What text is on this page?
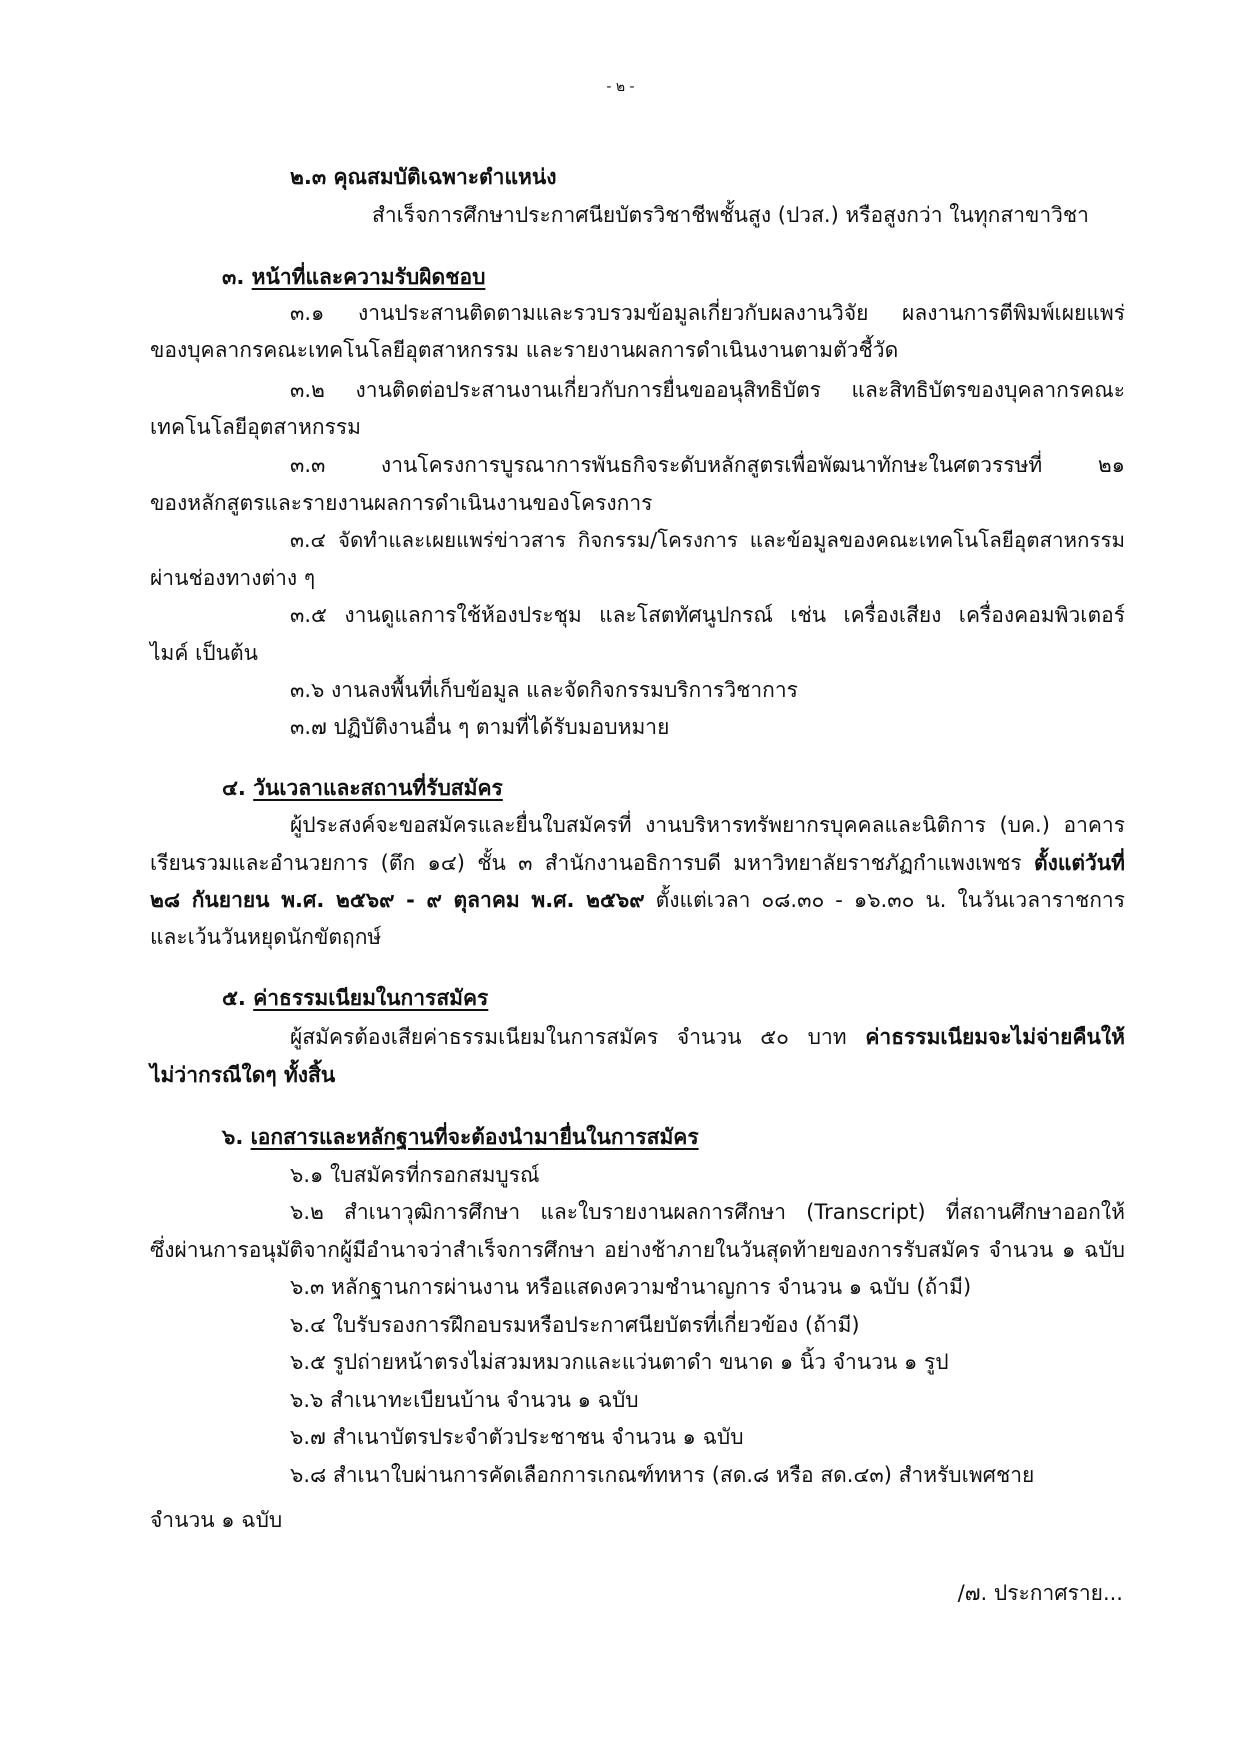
- ๒ -
๒.๓ คุณสมบัติเฉพาะตำแหน่ง
สำเร็จการศึกษาประกาศนียบัตรวิชาชีพชั้นสูง (ปวส.) หรือสูงกว่า ในทุกสาขาวิชา
๓. หน้าที่และความรับผิดชอบ
๓.๑ งานประสานติดตามและรวบรวมข้อมูลเกี่ยวกับผลงานวิจัย ผลงานการตีพิมพ์เผยแพร่
ของบุคลากรคณะเทคโนโลยีอุตสาหกรรม และรายงานผลการดำเนินงานตามตัวชี้วัด
๓.๒ งานติดต่อประสานงานเกี่ยวกับการยื่นขออนุสิทธิบัตร และสิทธิบัตรของบุคลากรคณะ
เทคโนโลยีอุตสาหกรรม
๓.๓ งานโครงการบูรณาการพันธกิจระดับหลักสูตรเพื่อพัฒนาทักษะในศตวรรษที่ ๒๑
ของหลักสูตรและรายงานผลการดำเนินงานของโครงการ
๓.๔ จัดทำและเผยแพร่ข่าวสาร กิจกรรม/โครงการ และข้อมูลของคณะเทคโนโลยีอุตสาหกรรม
ผ่านช่องทางต่าง ๆ
๓.๕ งานดูแลการใช้ห้องประชุม และโสตทัศนูปกรณ์ เช่น เครื่องเสียง เครื่องคอมพิวเตอร์
ไมค์ เป็นต้น
๓.๖ งานลงพื้นที่เก็บข้อมูล และจัดกิจกรรมบริการวิชาการ
๓.๗ ปฏิบัติงานอื่น ๆ ตามที่ได้รับมอบหมาย
๔. วันเวลาและสถานที่รับสมัคร
ผู้ประสงค์จะขอสมัครและยื่นใบสมัครที่ งานบริหารทรัพยากรบุคคลและนิติการ (บค.) อาคาร
เรียนรวมและอำนวยการ (ตึก ๑๔) ชั้น ๓ สำนักงานอธิการบดี มหาวิทยาลัยราชภัฏกำแพงเพชร ตั้งแต่วันที่
๒๘ กันยายน พ.ศ. ๒๕๖๙ - ๙ ตุลาคม พ.ศ. ๒๕๖๙ ตั้งแต่เวลา ๐๘.๓๐ - ๑๖.๓๐ น. ในวันเวลาราชการ
และเว้นวันหยุดนักขัตฤกษ์
๕. ค่าธรรมเนียมในการสมัคร
ผู้สมัครต้องเสียค่าธรรมเนียมในการสมัคร จำนวน ๕๐ บาท ค่าธรรมเนียมจะไม่จ่ายคืนให้
ไม่ว่ากรณีใดๆ ทั้งสิ้น
๖. เอกสารและหลักฐานที่จะต้องนำมายื่นในการสมัคร
๖.๑ ใบสมัครที่กรอกสมบูรณ์
๖.๒ สำเนาวุฒิการศึกษา และใบรายงานผลการศึกษา (Transcript) ที่สถานศึกษาออกให้
ซึ่งผ่านการอนุมัติจากผู้มีอำนาจว่าสำเร็จการศึกษา อย่างช้าภายในวันสุดท้ายของการรับสมัคร จำนวน ๑ ฉบับ
๖.๓ หลักฐานการผ่านงาน หรือแสดงความชำนาญการ จำนวน ๑ ฉบับ (ถ้ามี)
๖.๔ ใบรับรองการฝึกอบรมหรือประกาศนียบัตรที่เกี่ยวข้อง (ถ้ามี)
๖.๕ รูปถ่ายหน้าตรงไม่สวมหมวกและแว่นตาดำ ขนาด ๑ นิ้ว จำนวน ๑ รูป
๖.๖ สำเนาทะเบียนบ้าน จำนวน ๑ ฉบับ
๖.๗ สำเนาบัตรประจำตัวประชาชน จำนวน ๑ ฉบับ
๖.๘ สำเนาใบผ่านการคัดเลือกการเกณฑ์ทหาร (สด.๘ หรือ สด.๔๓) สำหรับเพศชาย
จำนวน ๑ ฉบับ
/๗. ประกาศราย...
